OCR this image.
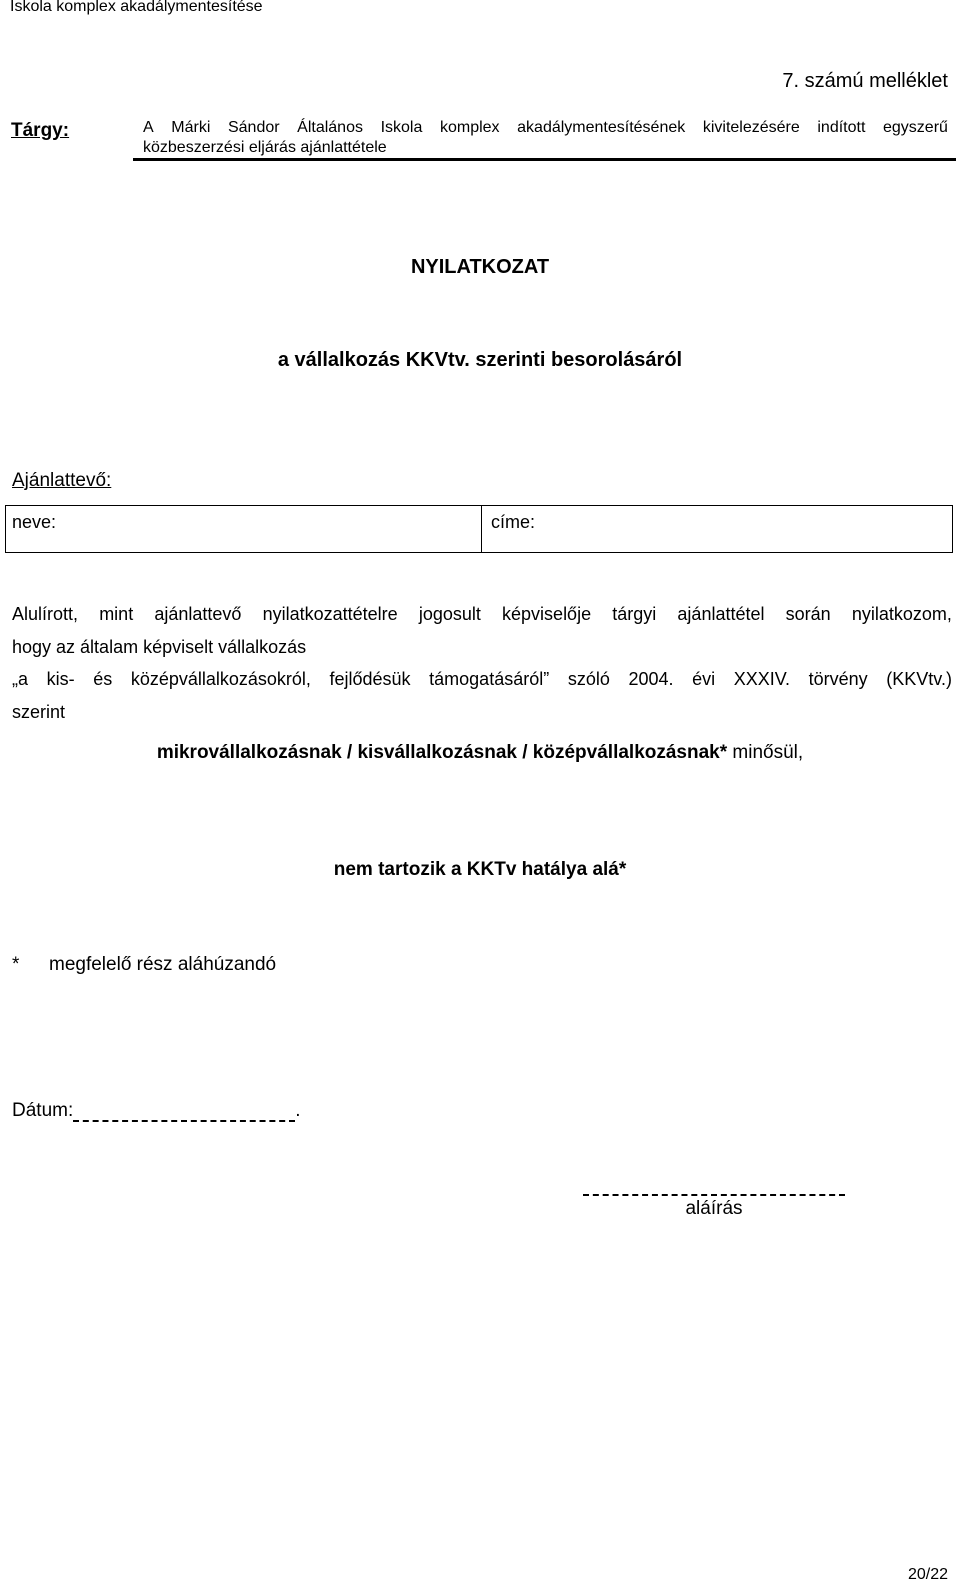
Iskola komplex akadálymentesítése
7. számú melléklet
Tárgy:	A Márki Sándor Általános Iskola komplex akadálymentesítésének kivitelezésére indított egyszerű
közbeszerzési eljárás ajánlattétele
NYILATKOZAT
a vállalkozás KKVtv. szerinti besorolásáról
Ajánlattevő:
neve:	címe:
Alulírott, mint ajánlattevő nyilatkozattételre jogosult képviselője tárgyi ajánlattétel során nyilatkozom,
hogy az általam képviselt vállalkozás
„a kis- és középvállalkozásokról, fejlődésük támogatásáról” szóló 2004. évi XXXIV. törvény (KKVtv.)
szerint
mikrovállalkozásnak / kisvállalkozásnak / középvállalkozásnak* minősül,
nem tartozik a KKTv hatálya alá*
* megfelelő rész aláhúzandó
Dátum:	.
aláírás
20/22
